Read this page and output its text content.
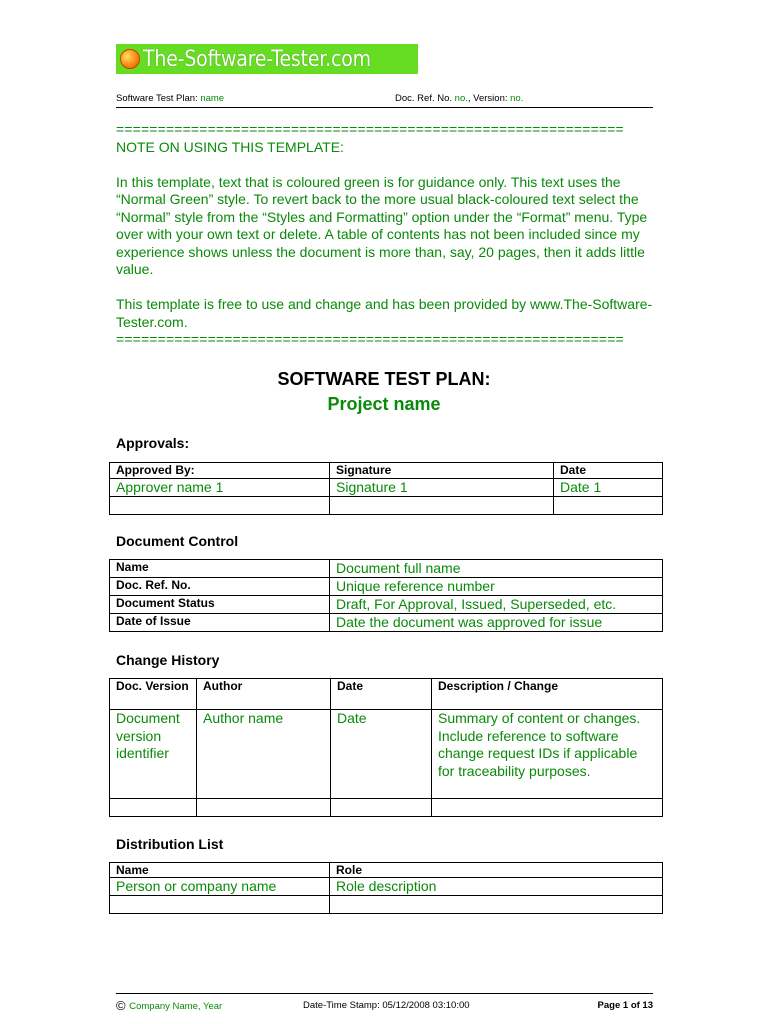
The-Software-Tester.com
Software Test Plan: name	Doc. Ref. No. no., Version: no.

=============================================================

NOTE ON USING THIS TEMPLATE:

In this template, text that is coloured green is for guidance only. This text uses the “Normal Green” style. To revert back to the more usual black-coloured text select the “Normal” style from the “Styles and Formatting” option under the “Format” menu. Type over with your own text or delete. A table of contents has not been included since my experience shows unless the document is more than, say, 20 pages, then it adds little value.

This template is free to use and change and has been provided by www.The-Software-Tester.com.

=============================================================

SOFTWARE TEST PLAN:
Project name
Approvals:
Approved By:	Signature	Date
Approver name 1	Signature 1	Date 1

Document Control
Name	Document full name
Doc. Ref. No.	Unique reference number
Document Status	Draft, For Approval, Issued, Superseded, etc.
Date of Issue	Date the document was approved for issue
Change History
Doc. Version	Author	Date	Description / Change
Document version identifier	Author name	Date	Summary of content or changes. Include reference to software change request IDs if applicable for traceability purposes.

Distribution List
Name	Role
Person or company name	Role description

© Company Name, Year	Date-Time Stamp: 05/12/2008 03:10:00	Page 1 of 13
